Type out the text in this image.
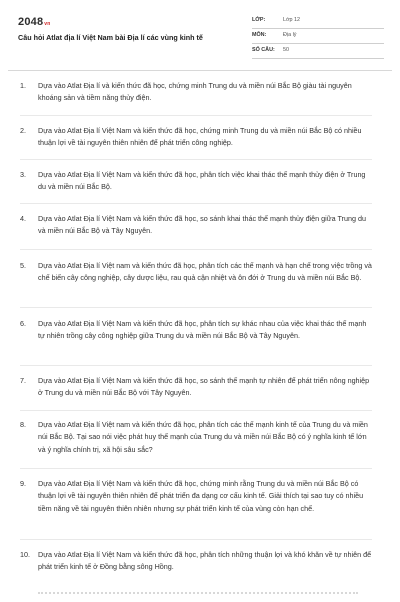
2048vn
Câu hỏi Atlat địa lí Việt Nam bài Địa lí các vùng kinh tế
LỚP:	Lớp 12
MÔN:	Địa lý
SỐ CÂU: 50
1. Dựa vào Atlat Địa lí và kiến thức đã học, chứng minh Trung du và miền núi Bắc Bộ giàu tài nguyên khoáng sản và tiềm năng thủy điện.
2. Dựa vào Atlat Địa lí Việt Nam và kiến thức đã học, chứng minh Trung du và miền núi Bắc Bộ có nhiều thuận lợi về tài nguyên thiên nhiên để phát triển công nghiệp.
3. Dựa vào Atlat Địa lí Việt Nam và kiến thức đã học, phân tích việc khai thác thế mạnh thủy điện ở Trung du và miền núi Bắc Bộ.
4. Dựa vào Atlat Địa lí Việt Nam và kiến thức đã học, so sánh khai thác thế mạnh thủy điện giữa Trung du và miền núi Bắc Bộ và Tây Nguyên.
5. Dựa vào Atlat Địa lí Việt nam và kiến thức đã học, phân tích các thế mạnh và hạn chế trong việc trồng và chế biến cây công nghiệp, cây dược liệu, rau quả cận nhiệt và ôn đới ở Trung du và miền núi Bắc Bộ.
6. Dựa vào Atlat Địa lí Việt Nam và kiến thức đã học, phân tích sự khác nhau của việc khai thác thế mạnh tự nhiên trồng cây công nghiệp giữa Trung du và miền núi Bắc Bộ và Tây Nguyên.
7. Dựa vào Atlat Địa lí Việt Nam và kiến thức đã học, so sánh thế mạnh tự nhiên để phát triển nông nghiệp ở Trung du và miền núi Bắc Bộ với Tây Nguyên.
8. Dựa vào Atlat Địa lí Việt nam và kiến thức đã học, phân tích các thế mạnh kinh tế của Trung du và miền núi Bắc Bộ. Tại sao nói việc phát huy thế mạnh của Trung du và miền núi Bắc Bộ có ý nghĩa kinh tế lớn và ý nghĩa chính trị, xã hội sâu sắc?
9. Dựa vào Atlat Địa lí Việt Nam và kiến thức đã học, chứng minh rằng Trung du và miền núi Bắc Bộ có thuận lợi về tài nguyên thiên nhiên để phát triển đa dạng cơ cấu kinh tế. Giải thích tại sao tuy có nhiều tiềm năng về tài nguyên thiên nhiên nhưng sự phát triển kinh tế của vùng còn hạn chế.
10. Dựa vào Atlat Địa lí Việt Nam và kiến thức đã học, phân tích những thuận lợi và khó khăn về tự nhiên để phát triển kinh tế ở Đồng bằng sông Hồng.
